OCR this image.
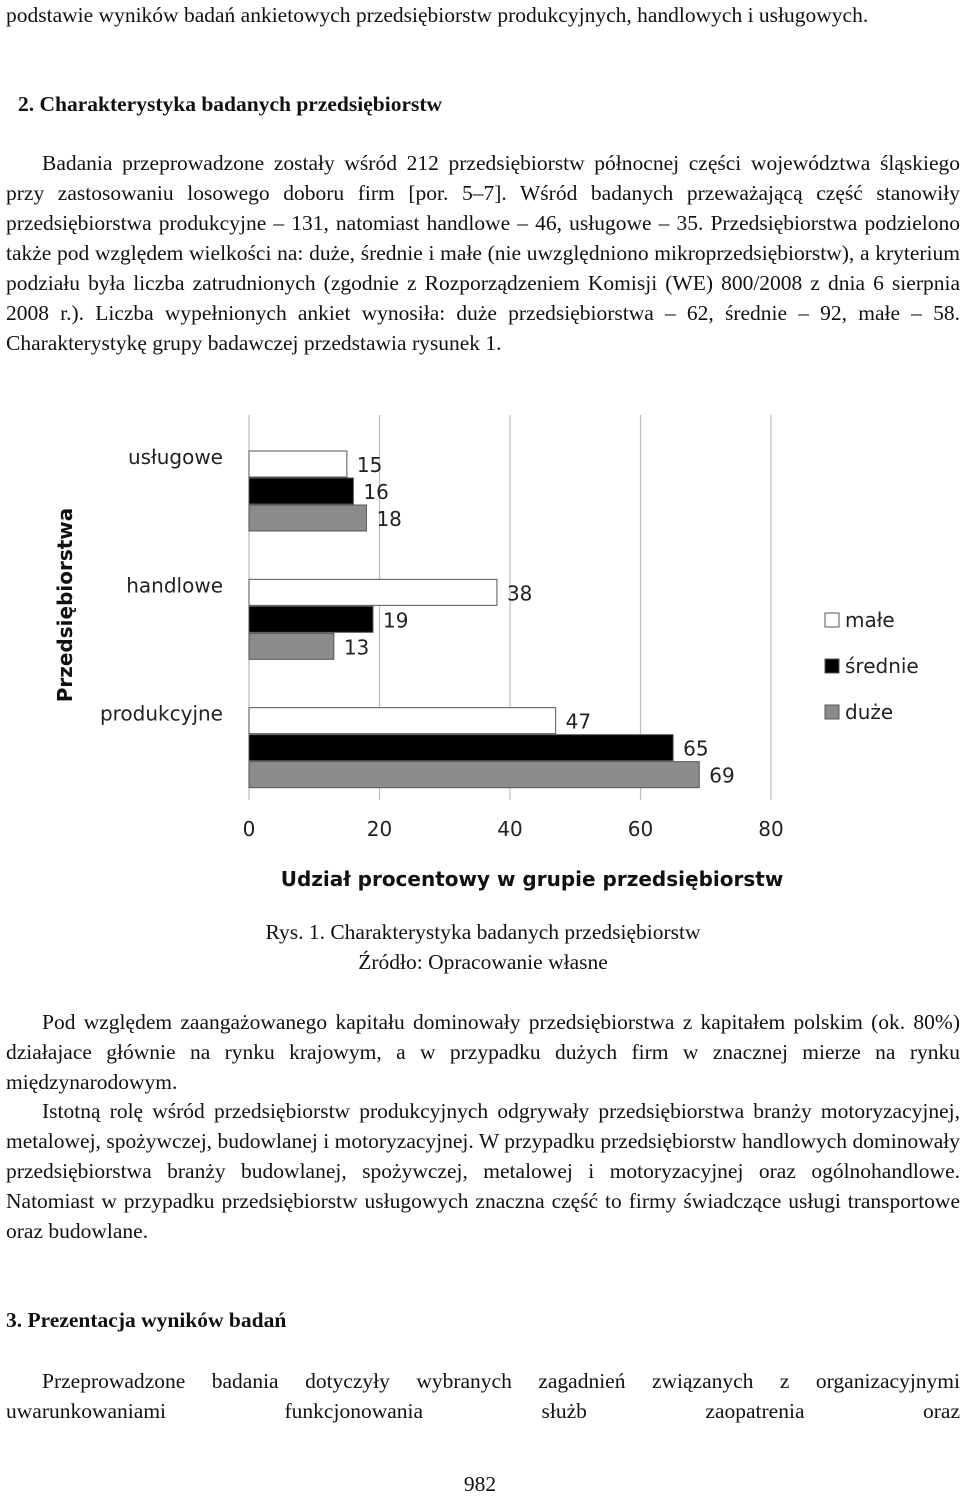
podstawie wyników badań ankietowych przedsiębiorstw produkcyjnych, handlowych i usługowych.

2. Charakterystyka badanych przedsiębiorstw

Badania przeprowadzone zostały wśród 212 przedsiębiorstw północnej części województwa śląskiego przy zastosowaniu losowego doboru firm [por. 5–7]. Wśród badanych przeważającą część stanowiły przedsiębiorstwa produkcyjne – 131, natomiast handlowe – 46, usługowe – 35. Przedsiębiorstwa podzielono także pod względem wielkości na: duże, średnie i małe (nie uwzględniono mikroprzedsiębiorstw), a kryterium podziału była liczba zatrudnionych (zgodnie z Rozporządzeniem Komisji (WE) 800/2008 z dnia 6 sierpnia 2008 r.). Liczba wypełnionych ankiet wynosiła: duże przedsiębiorstwa – 62, średnie – 92, małe – 58. Charakterystykę grupy badawczej przedstawia rysunek 1.

15
16
18
38
19
13
47
65
69
usługowe
handlowe
produkcyjne
0	20	40	60	80
małe
średnie
duże
Przedsiębiorstwa
Udział procentowy w grupie przedsiębiorstw
Rys. 1. Charakterystyka badanych przedsiębiorstw
Źródło: Opracowanie własne

Pod względem zaangażowanego kapitału dominowały przedsiębiorstwa z kapitałem polskim (ok. 80%) działajace głównie na rynku krajowym, a w przypadku dużych firm w znacznej mierze na rynku międzynarodowym.

Istotną rolę wśród przedsiębiorstw produkcyjnych odgrywały przedsiębiorstwa branży motoryzacyjnej, metalowej, spożywczej, budowlanej i motoryzacyjnej. W przypadku przedsiębiorstw handlowych dominowały przedsiębiorstwa branży budowlanej, spożywczej, metalowej i motoryzacyjnej oraz ogólnohandlowe. Natomiast w przypadku przedsiębiorstw usługowych znaczna część to firmy świadczące usługi transportowe oraz budowlane.

3. Prezentacja wyników badań

Przeprowadzone badania dotyczyły wybranych zagadnień związanych z organizacyjnymi uwarunkowaniami funkcjonowania służb zaopatrenia oraz

982
